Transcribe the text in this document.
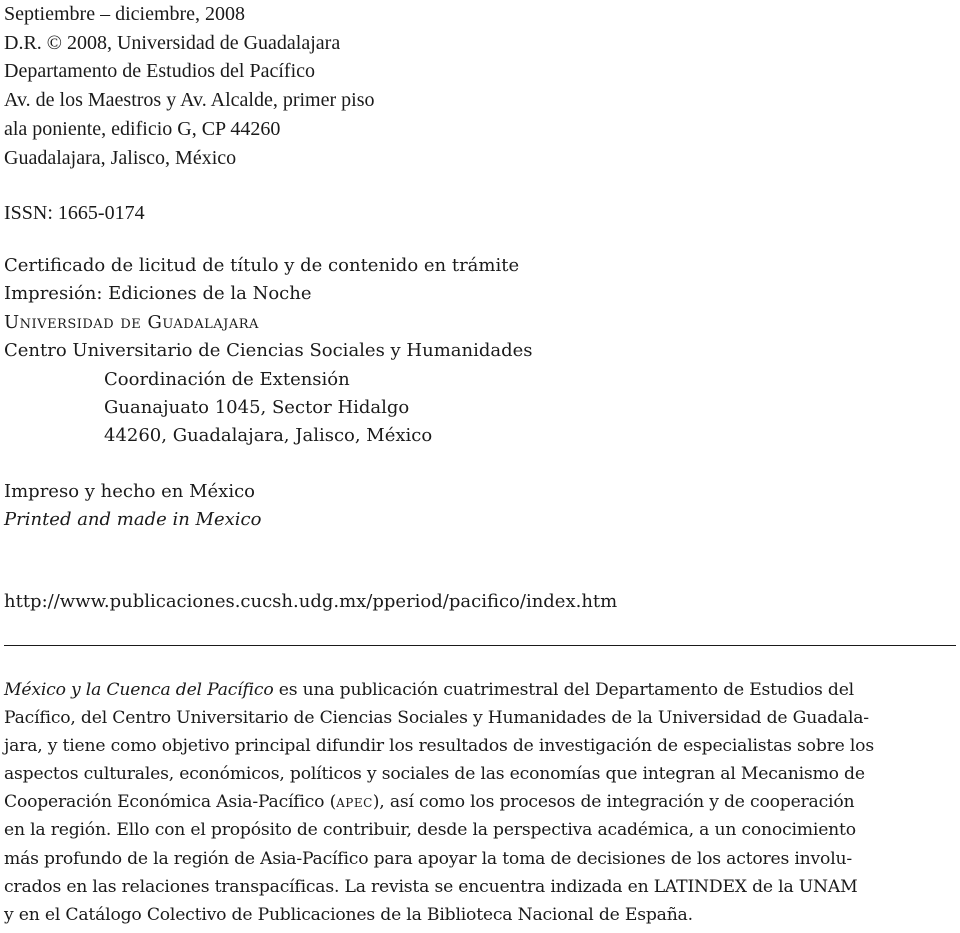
Septiembre – diciembre, 2008
D.R. © 2008, Universidad de Guadalajara
Departamento de Estudios del Pacífico
Av. de los Maestros y Av. Alcalde, primer piso
ala poniente, edificio G, CP 44260
Guadalajara, Jalisco, México
ISSN: 1665-0174
Certificado de licitud de título y de contenido en trámite
Impresión: Ediciones de la Noche
Universidad de Guadalajara
Centro Universitario de Ciencias Sociales y Humanidades
Coordinación de Extensión
Guanajuato 1045, Sector Hidalgo
44260, Guadalajara, Jalisco, México
Impreso y hecho en México
Printed and made in Mexico
http://www.publicaciones.cucsh.udg.mx/pperiod/pacifico/index.htm
México y la Cuenca del Pacífico es una publicación cuatrimestral del Departamento de Estudios del
Pacífico, del Centro Universitario de Ciencias Sociales y Humanidades de la Universidad de Guadala-
jara, y tiene como objetivo principal difundir los resultados de investigación de especialistas sobre los
aspectos culturales, económicos, políticos y sociales de las economías que integran al Mecanismo de
Cooperación Económica Asia-Pacífico (apec), así como los procesos de integración y de cooperación
en la región. Ello con el propósito de contribuir, desde la perspectiva académica, a un conocimiento
más profundo de la región de Asia-Pacífico para apoyar la toma de decisiones de los actores involu-
crados en las relaciones transpacíficas. La revista se encuentra indizada en LATINDEX de la UNAM
y en el Catálogo Colectivo de Publicaciones de la Biblioteca Nacional de España.
